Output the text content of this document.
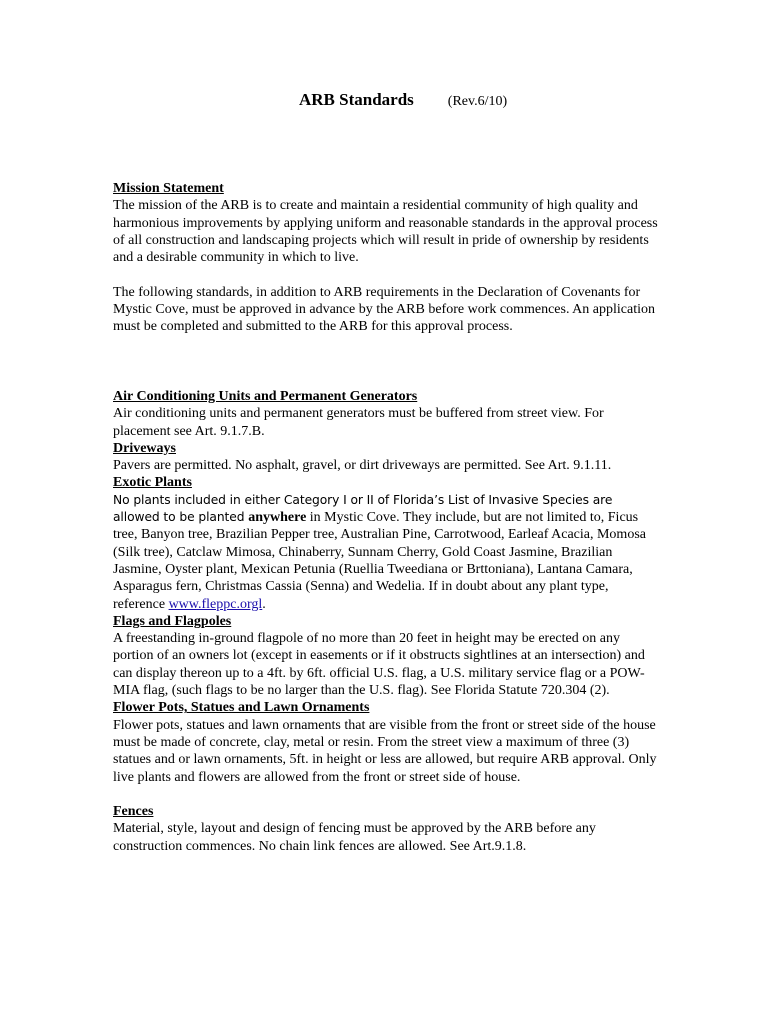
ARB Standards (Rev.6/10)
Mission Statement
The mission of the ARB is to create and maintain a residential community of high quality and harmonious improvements by applying uniform and reasonable standards in the approval process of all construction and landscaping projects which will result in pride of ownership by residents and a desirable community in which to live.
The following standards, in addition to ARB requirements in the Declaration of Covenants for Mystic Cove, must be approved in advance by the ARB before work commences. An application must be completed and submitted to the ARB for this approval process.
Air Conditioning Units and Permanent Generators
Air conditioning units and permanent generators must be buffered from street view. For placement see Art. 9.1.7.B.
Driveways
Pavers are permitted. No asphalt, gravel, or dirt driveways are permitted. See Art. 9.1.11.
Exotic Plants
No plants included in either Category I or II of Florida’s List of Invasive Species are allowed to be planted anywhere in Mystic Cove. They include, but are not limited to, Ficus tree, Banyon tree, Brazilian Pepper tree, Australian Pine, Carrotwood, Earleaf Acacia, Momosa (Silk tree), Catclaw Mimosa, Chinaberry, Sunnam Cherry, Gold Coast Jasmine, Brazilian Jasmine, Oyster plant, Mexican Petunia (Ruellia Tweediana or Brttoniana), Lantana Camara, Asparagus fern, Christmas Cassia (Senna) and Wedelia. If in doubt about any plant type, reference www.fleppc.orgl.
Flags and Flagpoles
A freestanding in-ground flagpole of no more than 20 feet in height may be erected on any portion of an owners lot (except in easements or if it obstructs sightlines at an intersection) and can display thereon up to a 4ft. by 6ft. official U.S. flag, a U.S. military service flag or a POW- MIA flag, (such flags to be no larger than the U.S. flag). See Florida Statute 720.304 (2).
Flower Pots, Statues and Lawn Ornaments
Flower pots, statues and lawn ornaments that are visible from the front or street side of the house must be made of concrete, clay, metal or resin. From the street view a maximum of three (3) statues and or lawn ornaments, 5ft. in height or less are allowed, but require ARB approval. Only live plants and flowers are allowed from the front or street side of house.
Fences
Material, style, layout and design of fencing must be approved by the ARB before any construction commences. No chain link fences are allowed. See Art.9.1.8.
